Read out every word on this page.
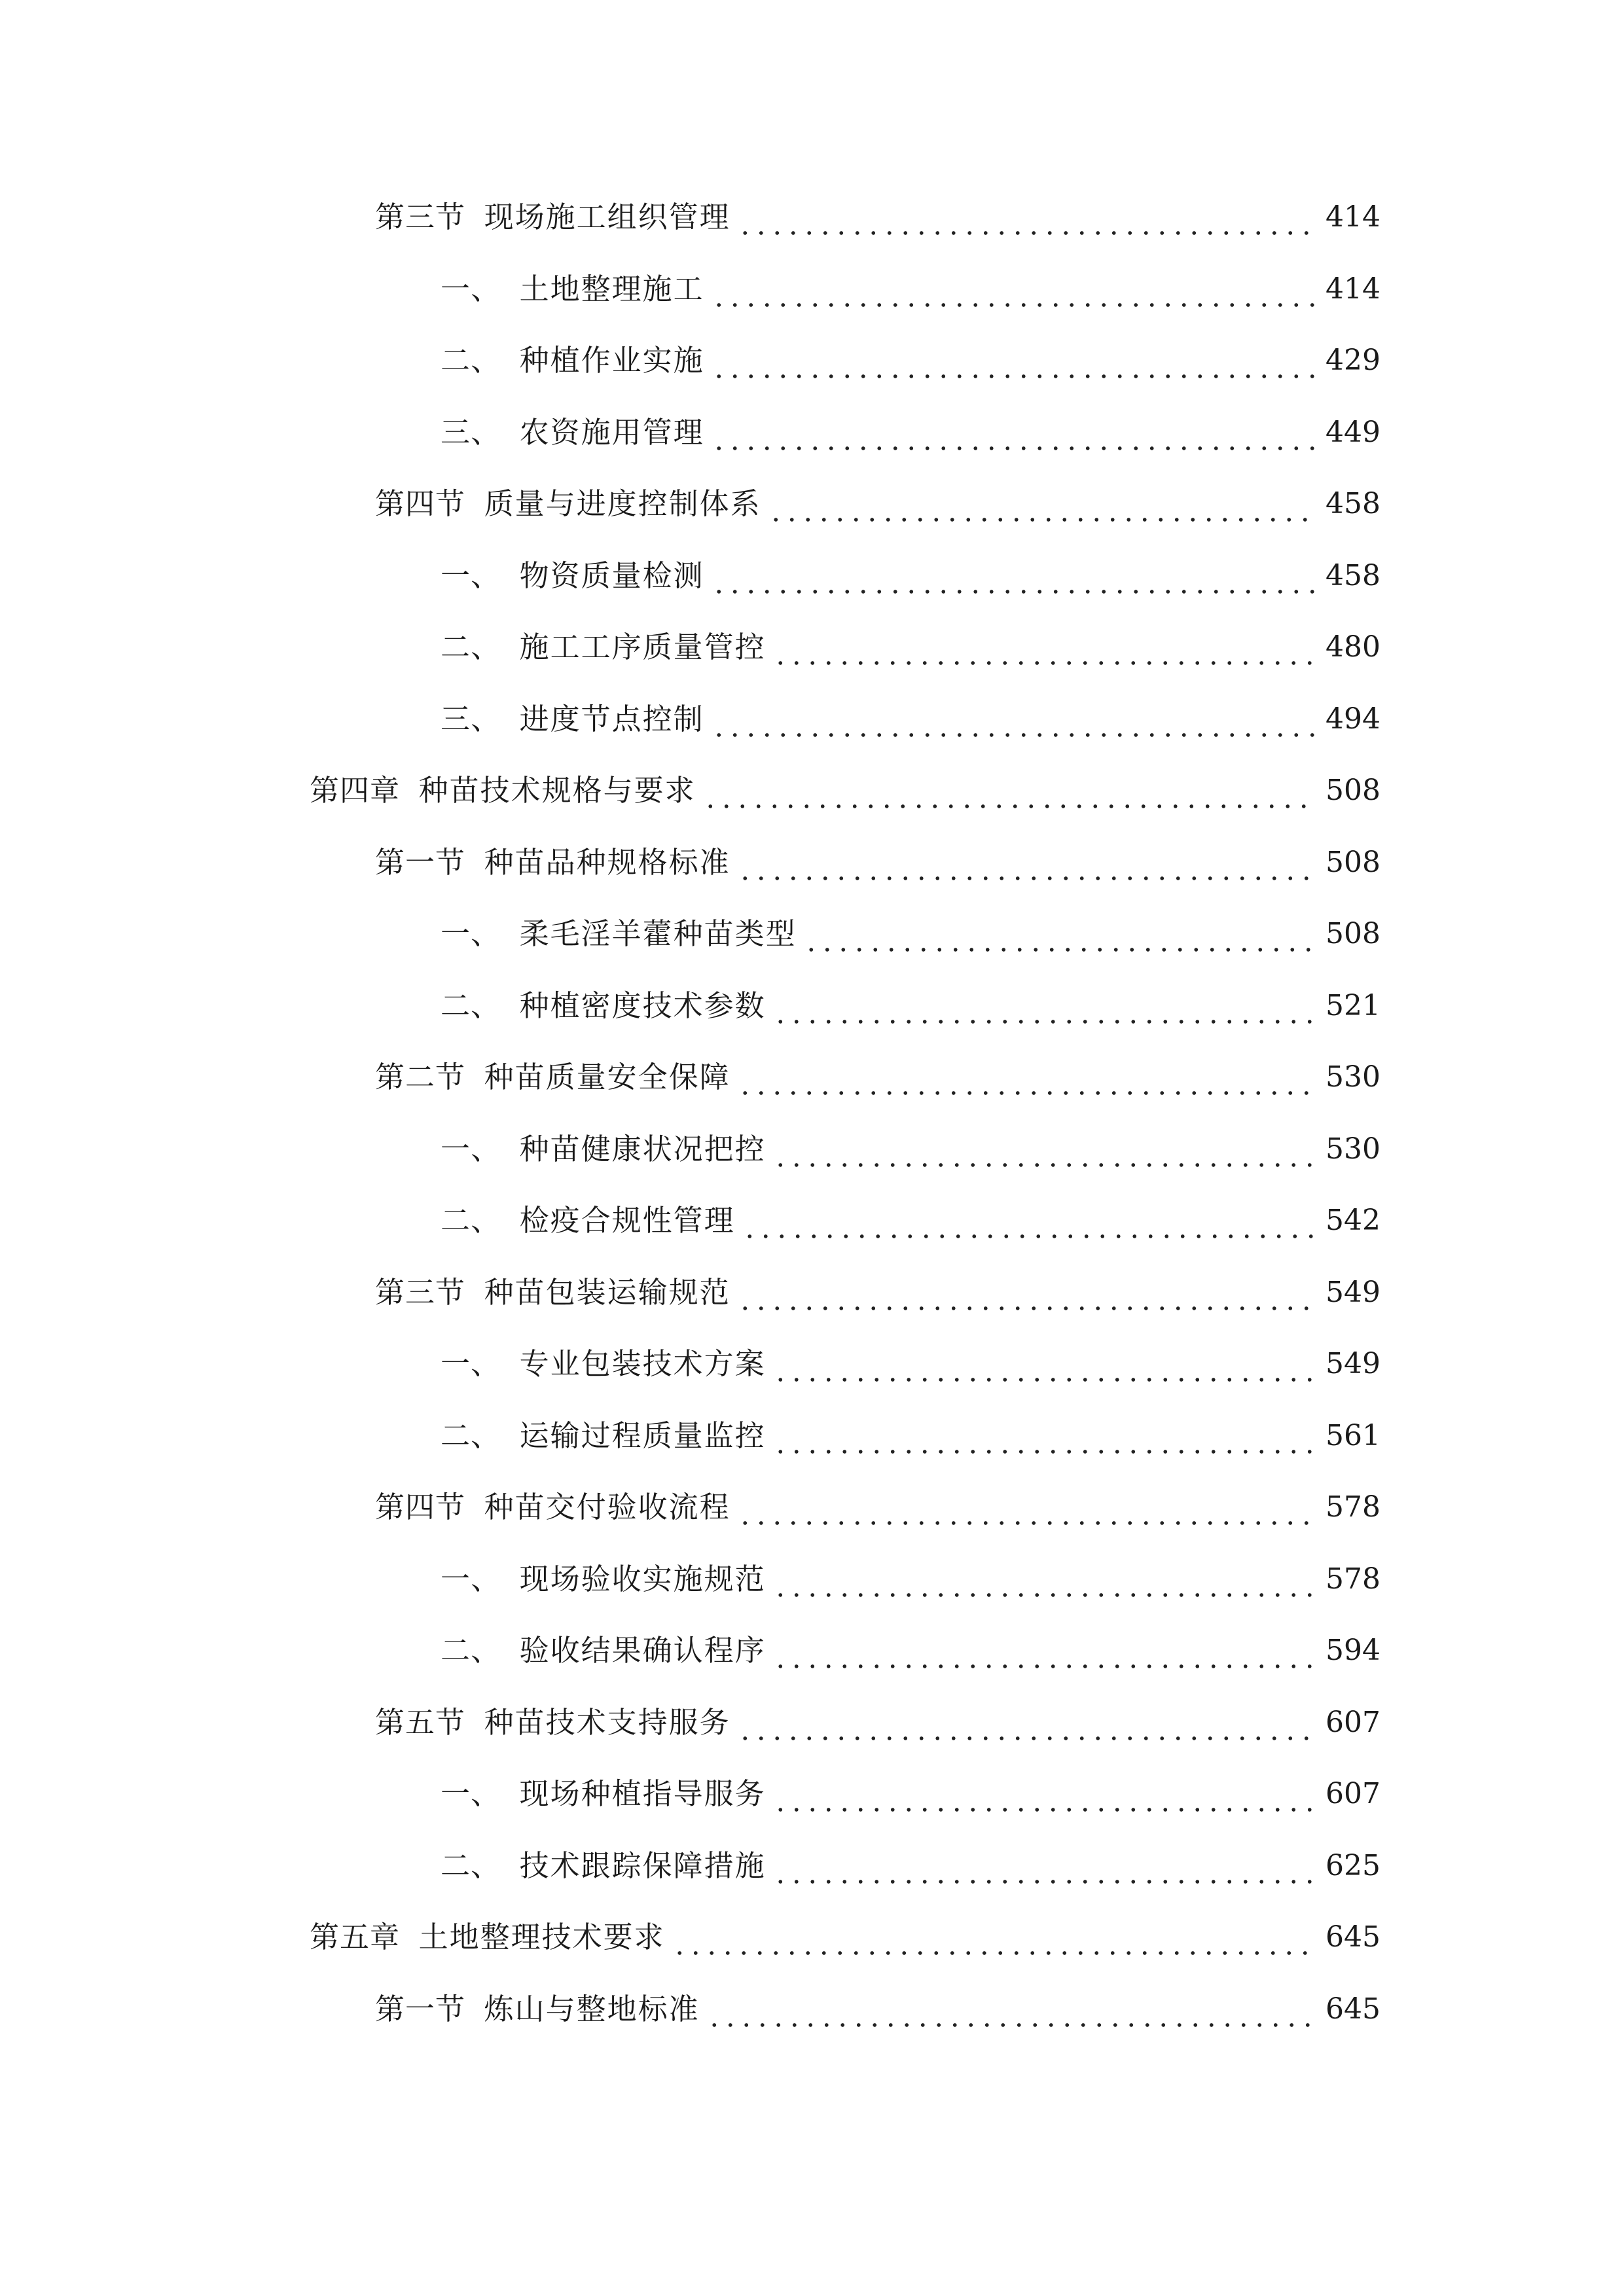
第三节 现场施工组织管理	414
一、 土地整理施工	414
二、 种植作业实施	429
三、 农资施用管理	449
第四节 质量与进度控制体系	458
一、 物资质量检测	458
二、 施工工序质量管控	480
三、 进度节点控制	494
第四章 种苗技术规格与要求	508
第一节 种苗品种规格标准	508
一、 柔毛淫羊藿种苗类型	508
二、 种植密度技术参数	521
第二节 种苗质量安全保障	530
一、 种苗健康状况把控	530
二、 检疫合规性管理	542
第三节 种苗包装运输规范	549
一、 专业包装技术方案	549
二、 运输过程质量监控	561
第四节 种苗交付验收流程	578
一、 现场验收实施规范	578
二、 验收结果确认程序	594
第五节 种苗技术支持服务	607
一、 现场种植指导服务	607
二、 技术跟踪保障措施	625
第五章 土地整理技术要求	645
第一节 炼山与整地标准	645
